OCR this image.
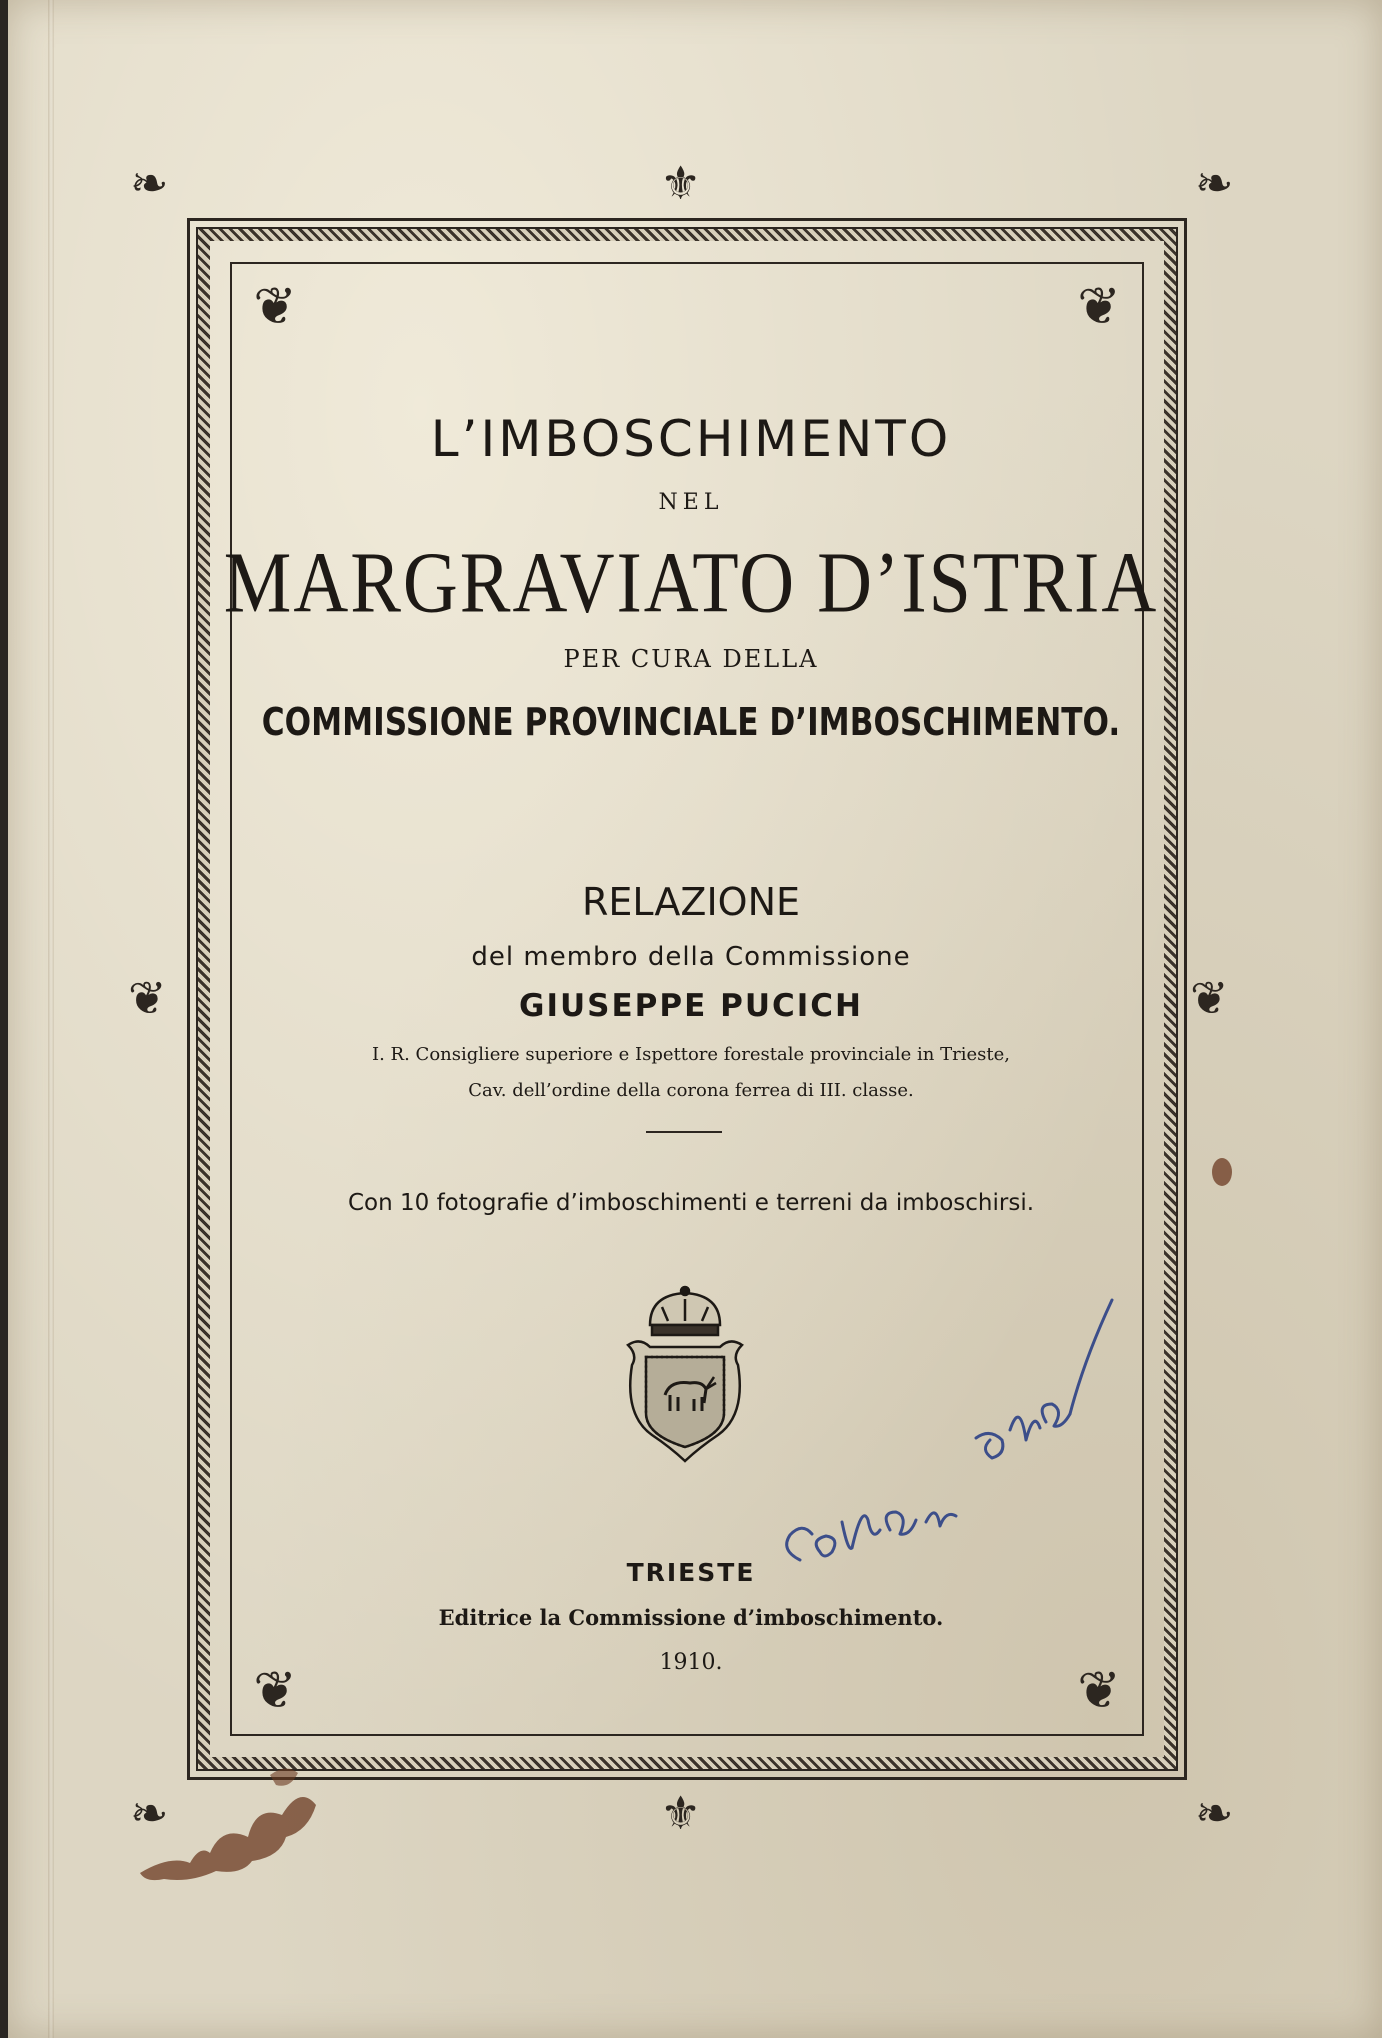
❦	❦
❦	❦
⚜
⚜
❧	❧
❧	❧
❦	❦
L’IMBOSCHIMENTO
NEL
MARGRAVIATO D’ISTRIA
PER CURA DELLA
COMMISSIONE PROVINCIALE D’IMBOSCHIMENTO.
RELAZIONE
del membro della Commissione
GIUSEPPE PUCICH
I. R. Consigliere superiore e Ispettore forestale provinciale in Trieste,
Cav. dell’ordine della corona ferrea di III. classe.
Con 10 fotografie d’imboschimenti e terreni da imboschirsi.
TRIESTE
Editrice la Commissione d’imboschimento.
1910.
